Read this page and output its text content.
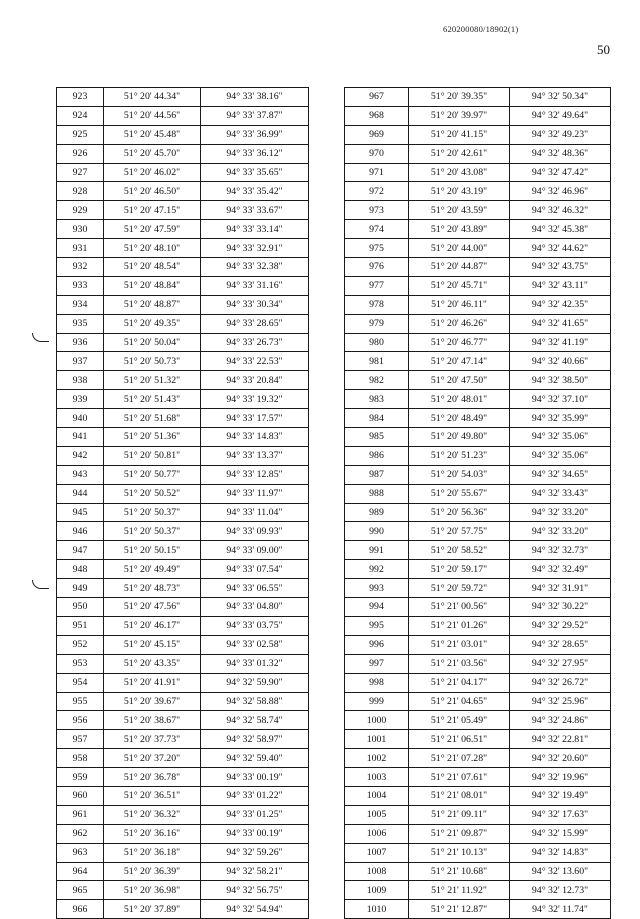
620200080/18902(1)
50
923	51° 20' 44.34"	94° 33' 38.16"
924	51° 20' 44.56"	94° 33' 37.87"
925	51° 20' 45.48"	94° 33' 36.99"
926	51° 20' 45.70"	94° 33' 36.12"
927	51° 20' 46.02"	94° 33' 35.65"
928	51° 20' 46.50"	94° 33' 35.42"
929	51° 20' 47.15"	94° 33' 33.67"
930	51° 20' 47.59"	94° 33' 33.14"
931	51° 20' 48.10"	94° 33' 32.91"
932	51° 20' 48.54"	94° 33' 32.38"
933	51° 20' 48.84"	94° 33' 31.16"
934	51° 20' 48.87"	94° 33' 30.34"
935	51° 20' 49.35"	94° 33' 28.65"
936	51° 20' 50.04"	94° 33' 26.73"
937	51° 20' 50.73"	94° 33' 22.53"
938	51° 20' 51.32"	94° 33' 20.84"
939	51° 20' 51.43"	94° 33' 19.32"
940	51° 20' 51.68"	94° 33' 17.57"
941	51° 20' 51.36"	94° 33' 14.83"
942	51° 20' 50.81"	94° 33' 13.37"
943	51° 20' 50.77"	94° 33' 12.85"
944	51° 20' 50.52"	94° 33' 11.97"
945	51° 20' 50.37"	94° 33' 11.04"
946	51° 20' 50.37"	94° 33' 09.93"
947	51° 20' 50.15"	94° 33' 09.00"
948	51° 20' 49.49"	94° 33' 07.54"
949	51° 20' 48.73"	94° 33' 06.55"
950	51° 20' 47.56"	94° 33' 04.80"
951	51° 20' 46.17"	94° 33' 03.75"
952	51° 20' 45.15"	94° 33' 02.58"
953	51° 20' 43.35"	94° 33' 01.32"
954	51° 20' 41.91"	94° 32' 59.90"
955	51° 20' 39.67"	94° 32' 58.88"
956	51° 20' 38.67"	94° 32' 58.74"
957	51° 20' 37.73"	94° 32' 58.97"
958	51° 20' 37.20"	94° 32' 59.40"
959	51° 20' 36.78"	94° 33' 00.19"
960	51° 20' 36.51"	94° 33' 01.22"
961	51° 20' 36.32"	94° 33' 01.25"
962	51° 20' 36.16"	94° 33' 00.19"
963	51° 20' 36.18"	94° 32' 59.26"
964	51° 20' 36.39"	94° 32' 58.21"
965	51° 20' 36.98"	94° 32' 56.75"
966	51° 20' 37.89"	94° 32' 54.94"
967	51° 20' 39.35"	94° 32' 50.34"
968	51° 20' 39.97"	94° 32' 49.64"
969	51° 20' 41.15"	94° 32' 49.23"
970	51° 20' 42.61"	94° 32' 48.36"
971	51° 20' 43.08"	94° 32' 47.42"
972	51° 20' 43.19"	94° 32' 46.96"
973	51° 20' 43.59"	94° 32' 46.32"
974	51° 20' 43.89"	94° 32' 45.38"
975	51° 20' 44.00"	94° 32' 44.62"
976	51° 20' 44.87"	94° 32' 43.75"
977	51° 20' 45.71"	94° 32' 43.11"
978	51° 20' 46.11"	94° 32' 42.35"
979	51° 20' 46.26"	94° 32' 41.65"
980	51° 20' 46.77"	94° 32' 41.19"
981	51° 20' 47.14"	94° 32' 40.66"
982	51° 20' 47.50"	94° 32' 38.50"
983	51° 20' 48.01"	94° 32' 37.10"
984	51° 20' 48.49"	94° 32' 35.99"
985	51° 20' 49.80"	94° 32' 35.06"
986	51° 20' 51.23"	94° 32' 35.06"
987	51° 20' 54.03"	94° 32' 34.65"
988	51° 20' 55.67"	94° 32' 33.43"
989	51° 20' 56.36"	94° 32' 33.20"
990	51° 20' 57.75"	94° 32' 33.20"
991	51° 20' 58.52"	94° 32' 32.73"
992	51° 20' 59.17"	94° 32' 32.49"
993	51° 20' 59.72"	94° 32' 31.91"
994	51° 21' 00.56"	94° 32' 30.22"
995	51° 21' 01.26"	94° 32' 29.52"
996	51° 21' 03.01"	94° 32' 28.65"
997	51° 21' 03.56"	94° 32' 27.95"
998	51° 21' 04.17"	94° 32' 26.72"
999	51° 21' 04.65"	94° 32' 25.96"
1000	51° 21' 05.49"	94° 32' 24.86"
1001	51° 21' 06.51"	94° 32' 22.81"
1002	51° 21' 07.28"	94° 32' 20.60"
1003	51° 21' 07.61"	94° 32' 19.96"
1004	51° 21' 08.01"	94° 32' 19.49"
1005	51° 21' 09.11"	94° 32' 17.63"
1006	51° 21' 09.87"	94° 32' 15.99"
1007	51° 21' 10.13"	94° 32' 14.83"
1008	51° 21' 10.68"	94° 32' 13.60"
1009	51° 21' 11.92"	94° 32' 12.73"
1010	51° 21' 12.87"	94° 32' 11.74"
